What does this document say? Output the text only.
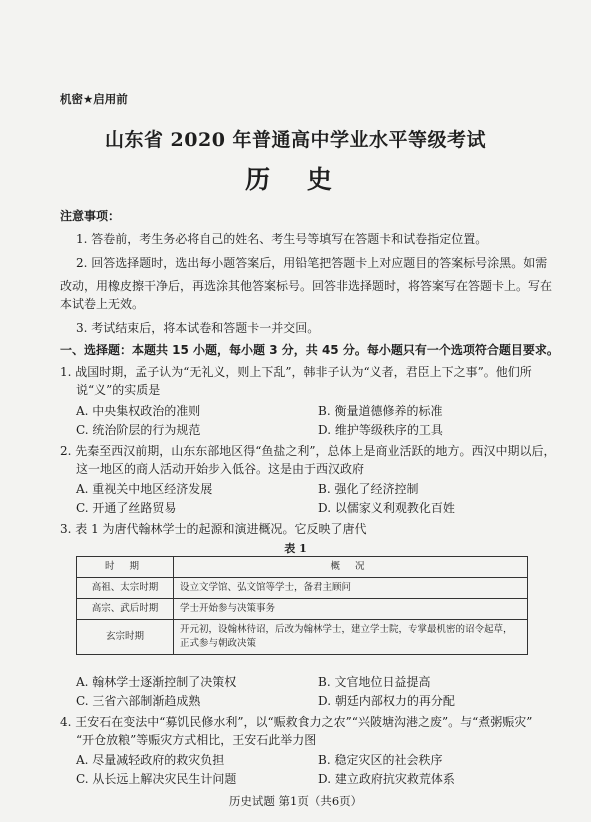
机密★启用前
山东省 2020 年普通高中学业水平等级考试
历 史
注意事项：
1. 答卷前，考生务必将自己的姓名、考生号等填写在答题卡和试卷指定位置。
2. 回答选择题时，选出每小题答案后，用铅笔把答题卡上对应题目的答案标号涂黑。如需
改动，用橡皮擦干净后，再选涂其他答案标号。回答非选择题时，将答案写在答题卡上。写在
本试卷上无效。
3. 考试结束后，将本试卷和答题卡一并交回。
一、选择题：本题共 15 小题，每小题 3 分，共 45 分。每小题只有一个选项符合题目要求。
1. 战国时期，孟子认为“无礼义，则上下乱”，韩非子认为“义者，君臣上下之事”。他们所
说“义”的实质是
A. 中央集权政治的准则	B. 衡量道德修养的标准
C. 统治阶层的行为规范	D. 维护等级秩序的工具
2. 先秦至西汉前期，山东东部地区得“鱼盐之利”，总体上是商业活跃的地方。西汉中期以后，
这一地区的商人活动开始步入低谷。这是由于西汉政府
A. 重视关中地区经济发展	B. 强化了经济控制
C. 开通了丝路贸易	D. 以儒家义利观教化百姓
3. 表 1 为唐代翰林学士的起源和演进概况。它反映了唐代
表 1
时 期	概 况
高祖、太宗时期	设立文学馆、弘文馆等学士，备君主顾问
高宗、武后时期	学士开始参与决策事务
玄宗时期	开元初，设翰林待诏，后改为翰林学士，建立学士院，专掌最机密的诏令起草，
正式参与朝政决策
A. 翰林学士逐渐控制了决策权	B. 文官地位日益提高
C. 三省六部制渐趋成熟	D. 朝廷内部权力的再分配
4. 王安石在变法中“募饥民修水利”，以“赈救食力之农”“兴陂塘沟港之废”。与“煮粥赈灾”
“开仓放粮”等赈灾方式相比，王安石此举力图
A. 尽量减轻政府的救灾负担	B. 稳定灾区的社会秩序
C. 从长远上解决灾民生计问题	D. 建立政府抗灾救荒体系
历史试题 第1页（共6页）
